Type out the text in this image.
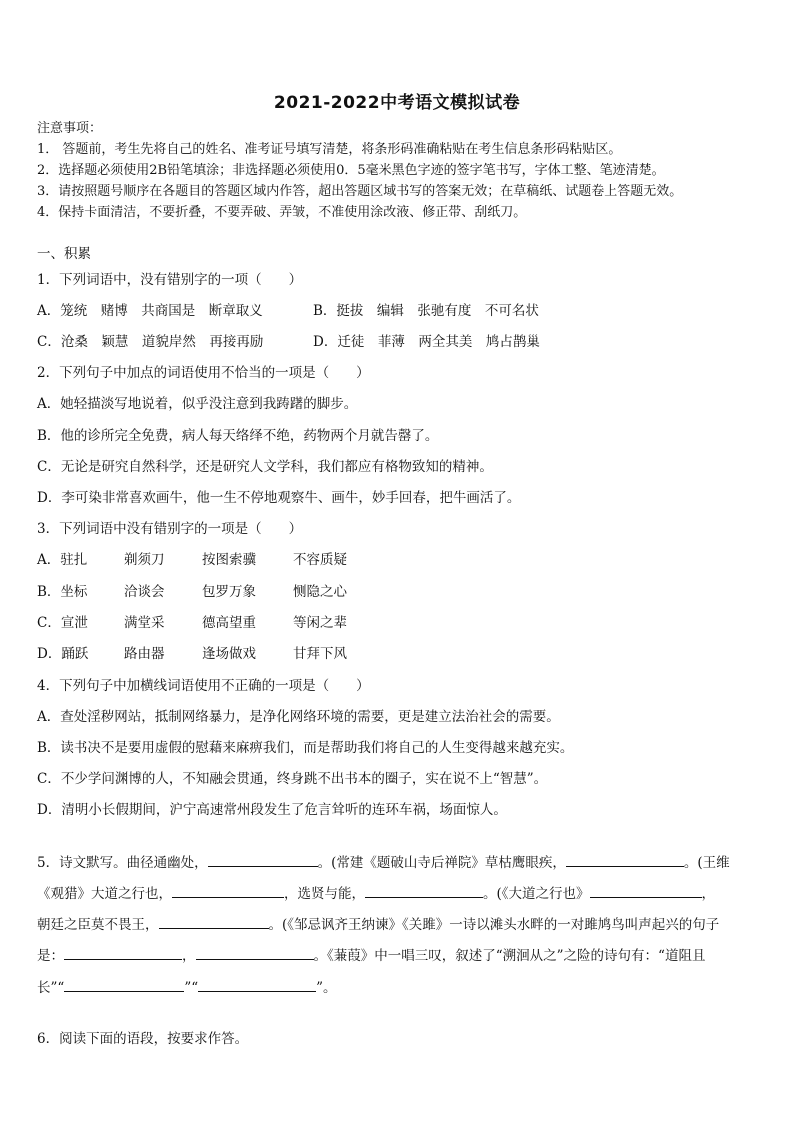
2021-2022中考语文模拟试卷
注意事项：
1． 答题前，考生先将自己的姓名、准考证号填写清楚，将条形码准确粘贴在考生信息条形码粘贴区。
2．选择题必须使用2B铅笔填涂；非选择题必须使用0．5毫米黑色字迹的签字笔书写，字体工整、笔迹清楚。
3．请按照题号顺序在各题目的答题区域内作答，超出答题区域书写的答案无效；在草稿纸、试题卷上答题无效。
4．保持卡面清洁，不要折叠，不要弄破、弄皱，不准使用涂改液、修正带、刮纸刀。
一、积累
1．下列词语中，没有错别字的一项（　　）
A．笼统　赌博　共商国是　断章取义	B．挺拔　编辑　张驰有度　不可名状
C．沧桑　颖慧　道貌岸然　再接再励	D．迁徒　菲薄　两全其美　鸠占鹊巢
2．下列句子中加点的词语使用不恰当的一项是（　　）
A．她轻描淡写地说着，似乎没注意到我踌躇的脚步。
B．他的诊所完全免费，病人每天络绎不绝，药物两个月就告罄了。
C．无论是研究自然科学，还是研究人文学科，我们都应有格物致知的精神。
D．李可染非常喜欢画牛，他一生不停地观察牛、画牛，妙手回春，把牛画活了。
3．下列词语中没有错别字的一项是（　　）
A．驻扎	剃须刀	按图索骥	不容质疑
B．坐标	洽谈会	包罗万象	恻隐之心
C．宣泄	满堂采	德高望重	等闲之辈
D．踊跃	路由器	逢场做戏	甘拜下风
4．下列句子中加横线词语使用不正确的一项是（　　）
A．查处淫秽网站，抵制网络暴力，是净化网络环境的需要，更是建立法治社会的需要。
B．读书决不是要用虚假的慰藉来麻痹我们，而是帮助我们将自己的人生变得越来越充实。
C．不少学问渊博的人，不知融会贯通，终身跳不出书本的圈子，实在说不上“智慧”。
D．清明小长假期间，沪宁高速常州段发生了危言耸听的连环车祸，场面惊人。
5．诗文默写。曲径通幽处，	。(常建《题破山寺后禅院》草枯鹰眼疾，	。(王维
《观猎》大道之行也，	，选贤与能，	。(《大道之行也》	，
朝廷之臣莫不畏王，	。(《邹忌讽齐王纳谏》《关雎》一诗以滩头水畔的一对雎鸠鸟叫声起兴的句子
是：	，	。《蒹葭》中一唱三叹，叙述了“溯洄从之”之险的诗句有：“道阻且
长”“	”“	”。
6．阅读下面的语段，按要求作答。
